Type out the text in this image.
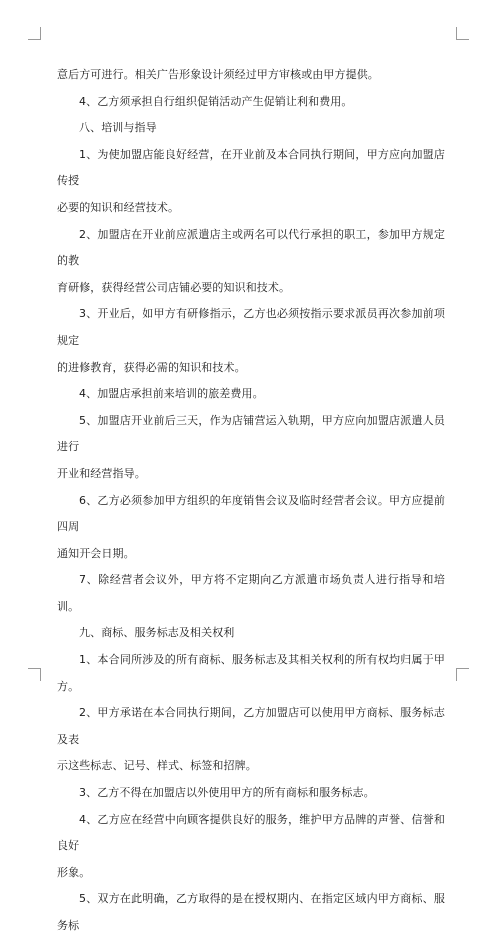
意后方可进行。相关广告形象设计须经过甲方审核或由甲方提供。

4、乙方须承担自行组织促销活动产生促销让利和费用。

八、培训与指导

1、为使加盟店能良好经营，在开业前及本合同执行期间，甲方应向加盟店传授
必要的知识和经营技术。

2、加盟店在开业前应派遣店主或两名可以代行承担的职工，参加甲方规定的教
育研修，获得经营公司店铺必要的知识和技术。

3、开业后，如甲方有研修指示，乙方也必须按指示要求派员再次参加前项规定
的进修教育，获得必需的知识和技术。

4、加盟店承担前来培训的旅差费用。

5、加盟店开业前后三天，作为店铺营运入轨期，甲方应向加盟店派遣人员进行
开业和经营指导。

6、乙方必须参加甲方组织的年度销售会议及临时经营者会议。甲方应提前四周
通知开会日期。

7、除经营者会议外，甲方将不定期向乙方派遣市场负责人进行指导和培训。

九、商标、服务标志及相关权利

1、本合同所涉及的所有商标、服务标志及其相关权利的所有权均归属于甲方。

2、甲方承诺在本合同执行期间，乙方加盟店可以使用甲方商标、服务标志及表
示这些标志、记号、样式、标签和招牌。

3、乙方不得在加盟店以外使用甲方的所有商标和服务标志。

4、乙方应在经营中向顾客提供良好的服务，维护甲方品牌的声誉、信誉和良好
形象。

5、双方在此明确，乙方取得的是在授权期内、在指定区域内甲方商标、服务标
